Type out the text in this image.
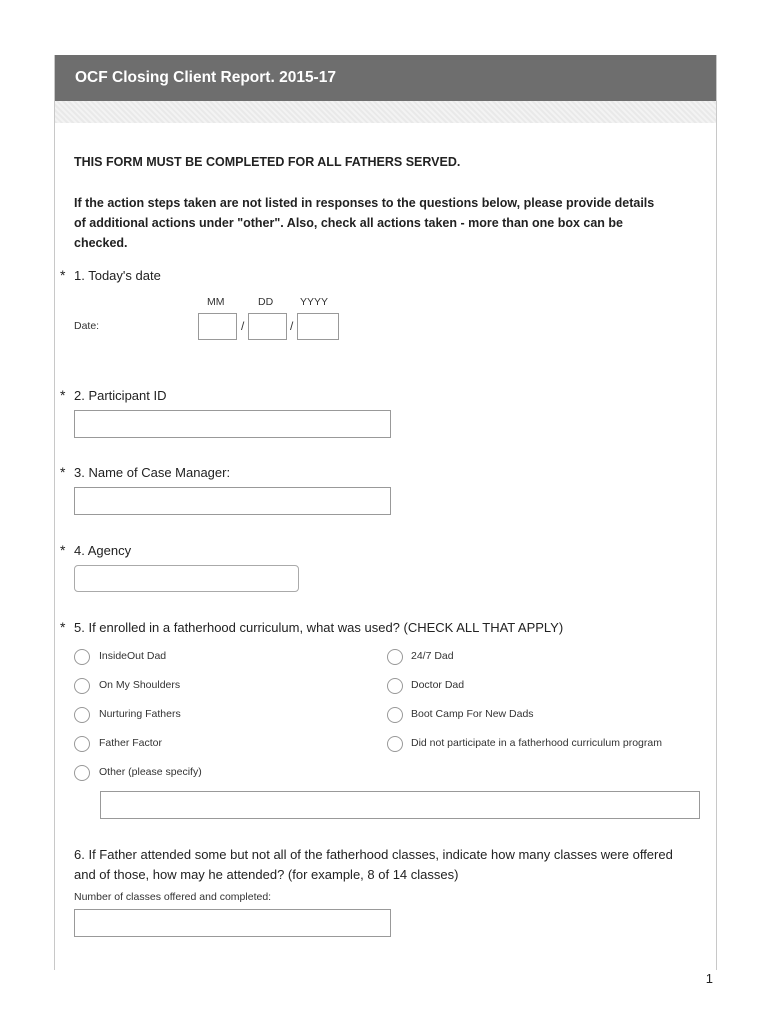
OCF Closing Client Report. 2015-17
THIS FORM MUST BE COMPLETED FOR ALL FATHERS SERVED.
If the action steps taken are not listed in responses to the questions below, please provide details
of additional actions under "other". Also, check all actions taken - more than one box can be
checked.
* 1. Today's date
MM	DD	YYYY
Date:	/	/
* 2. Participant ID
* 3. Name of Case Manager:
* 4. Agency
* 5. If enrolled in a fatherhood curriculum, what was used? (CHECK ALL THAT APPLY)
InsideOut Dad
On My Shoulders
Nurturing Fathers
Father Factor
Other (please specify)
24/7 Dad
Doctor Dad
Boot Camp For New Dads
Did not participate in a fatherhood curriculum program
6. If Father attended some but not all of the fatherhood classes, indicate how many classes were offered
and of those, how may he attended? (for example, 8 of 14 classes)
Number of classes offered and completed:
1
